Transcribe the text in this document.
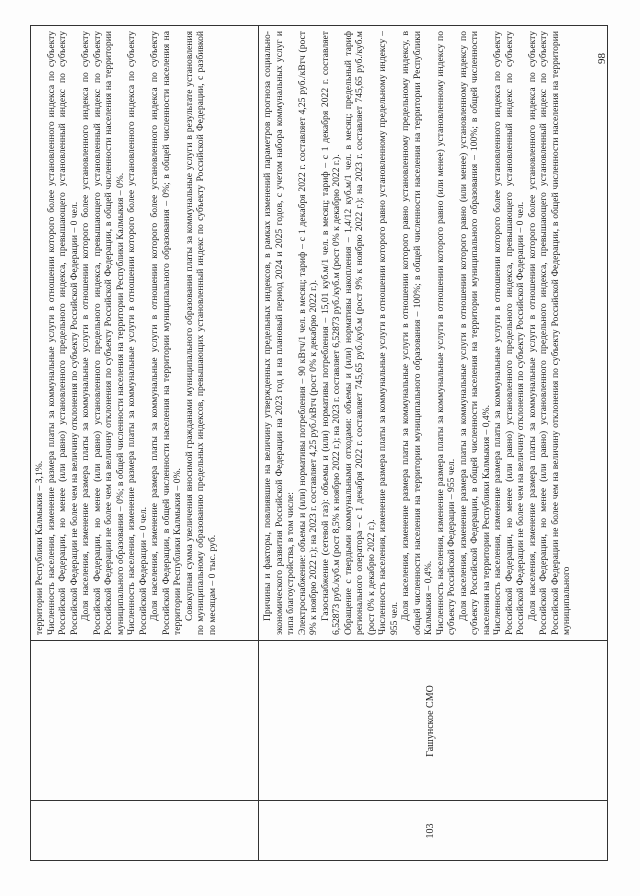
территории Республики Калмыкия – 3,1%. Численность населения, изменение размера платы за коммунальные услуги в отношении которого более установленного индекса по субъекту Российской Федерации, но менее (или равно) установленного предельного индекса, превышающего установленный индекс по субъекту Российской Федерации не более чем на величину отклонения по субъекту Российской Федерации – 0 чел. Доля населения, изменение размера платы за коммунальные услуги в отношении которого более установленного индекса по субъекту Российской Федерации, но менее (или равно) установленного предельного индекса, превышающего установленный индекс по субъекту Российской Федерации не более чем на величину отклонения по субъекту Российской Федерации, в общей численности населения на территории муниципального образования – 0%; в общей численности населения на территории Республики Калмыкия – 0%. Численность населения, изменение размера платы за коммунальные услуги в отношении которого более установленного индекса по субъекту Российской Федерации – 0 чел. Доля населения, изменение размера платы за коммунальные услуги в отношении которого более установленного индекса по субъекту Российской Федерации, в общей численности населения на территории муниципального образования – 0%; в общей численности населения на территории Республики Калмыкия – 0%. Совокупная сумма увеличения вносимой гражданами муниципального образования платы за коммунальные услуги в результате установления по муниципальному образованию предельных индексов, превышающих установленный индекс по субъекту Российской Федерации, с разбивкой по месяцам – 0 тыс. руб.

103
Гашунское СМО

Причины и факторы, повлиявшие на величину утвержденных предельных индексов, в рамках изменений параметров прогноза социально-экономического развития Российской Федерации на 2023 год и на плановый период 2024 и 2025 годов, с учетом набора коммунальных услуг и типа благоустройства, в том числе: Электроснабжение: объемы и (или) нормативы потребления – 90 кВтч/1 чел. в месяц; тариф – с 1 декабря 2022 г. составляет 4,25 руб./кВтч (рост 9% к ноябрю 2022 г.); на 2023 г. составляет 4,25 руб./кВтч (рост 0% к декабрю 2022 г.). Газоснабжение (сетевой газ): объемы и (или) нормативы потребления – 15,01 куб.м/1 чел. в месяц; тариф – с 1 декабря 2022 г. составляет 6,52873 руб./куб.м (рост 8,5% к ноябрю 2022 г.); на 2023 г. составляет 6,52873 руб./куб.м (рост 0% к декабрю 2022 г.). Обращение с твердыми коммунальными отходами: объемы и (или) нормативы накопления – 1,4/12 куб.м/1 чел. в месяц; предельный тариф регионального оператора – с 1 декабря 2022 г. составляет 745,65 руб./куб.м (рост 9% к ноябрю 2022 г.); на 2023 г. составляет 745,65 руб./куб.м (рост 0% к декабрю 2022 г.). Численность населения, изменение размера платы за коммунальные услуги в отношении которого равно установленному предельному индексу – 955 чел. Доля населения, изменение размера платы за коммунальные услуги в отношении которого равно установленному предельному индексу, в общей численности населения на территории муниципального образования – 100%; в общей численности населения на территории Республики Калмыкия – 0,4%. Численность населения, изменение размера платы за коммунальные услуги в отношении которого равно (или менее) установленному индексу по субъекту Российской Федерации – 955 чел. Доля населения, изменение размера платы за коммунальные услуги в отношении которого равно (или менее) установленному индексу по субъекту Российской Федерации, в общей численности населения на территории муниципального образования – 100%; в общей численности населения на территории Республики Калмыкия – 0,4%. Численность населения, изменение размера платы за коммунальные услуги в отношении которого более установленного индекса по субъекту Российской Федерации, но менее (или равно) установленного предельного индекса, превышающего установленный индекс по субъекту Российской Федерации не более чем на величину отклонения по субъекту Российской Федерации – 0 чел. Доля населения, изменение размера платы за коммунальные услуги в отношении которого более установленного индекса по субъекту Российской Федерации, но менее (или равно) установленного предельного индекса, превышающего установленный индекс по субъекту Российской Федерации не более чем на величину отклонения по субъекту Российской Федерации, в общей численности населения на территории муниципального

98
